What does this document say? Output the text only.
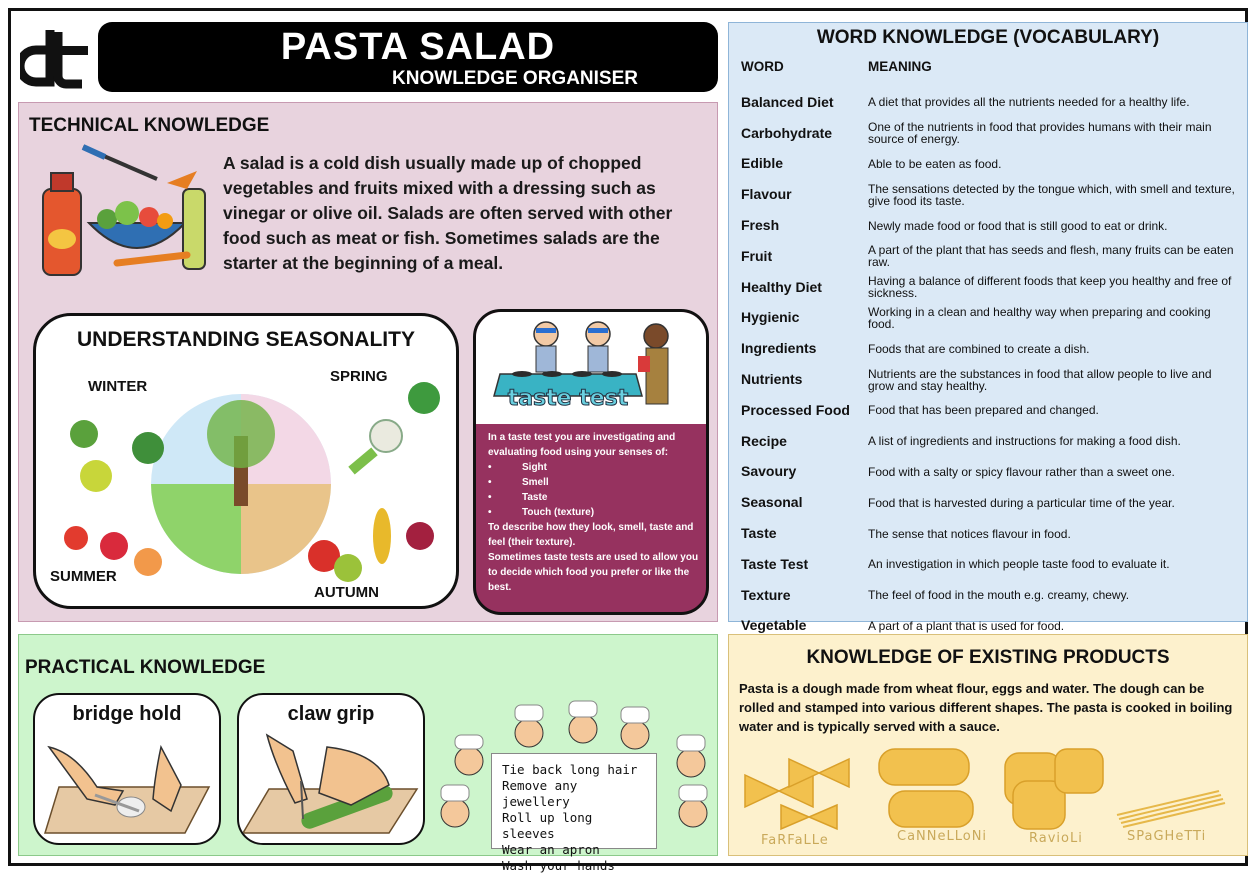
PASTA SALAD
KNOWLEDGE ORGANISER
TECHNICAL KNOWLEDGE
A salad is a cold dish usually made up of chopped vegetables and fruits mixed with a dressing such as vinegar or olive oil. Salads are often served with other food such as meat or fish. Sometimes salads are the starter at the beginning of a meal.
UNDERSTANDING SEASONALITY
WINTER
SPRING
SUMMER
AUTUMN
taste test
In a taste test you are investigating and evaluating food using your senses of:
• Sight
• Smell
• Taste
• Touch (texture)
To describe how they look, smell, taste and feel (their texture).
Sometimes taste tests are used to allow you to decide which food you prefer or like the best.
WORD KNOWLEDGE (VOCABULARY)
WORD	MEANING
Balanced Diet	A diet that provides all the nutrients needed for a healthy life.
Carbohydrate	One of the nutrients in food that provides humans with their main source of energy.
Edible	Able to be eaten as food.
Flavour	The sensations detected by the tongue which, with smell and texture, give food its taste.
Fresh	Newly made food or food that is still good to eat or drink.
Fruit	A part of the plant that has seeds and flesh, many fruits can be eaten raw.
Healthy Diet	Having a balance of different foods that keep you healthy and free of sickness.
Hygienic	Working in a clean and healthy way when preparing and cooking food.
Ingredients	Foods that are combined to create a dish.
Nutrients	Nutrients are the substances in food that allow people to live and grow and stay healthy.
Processed Food	Food that has been prepared and changed.
Recipe	A list of ingredients and instructions for making a food dish.
Savoury	Food with a salty or spicy flavour rather than a sweet one.
Seasonal	Food that is harvested during a particular time of the year.
Taste	The sense that notices flavour in food.
Taste Test	An investigation in which people taste food to evaluate it.
Texture	The feel of food in the mouth e.g. creamy, chewy.
Vegetable	A part of a plant that is used for food.
PRACTICAL KNOWLEDGE
bridge hold	claw grip
Tie back long hair
Remove any jewellery
Roll up long sleeves
Wear an apron
Wash your hands
KNOWLEDGE OF EXISTING PRODUCTS
Pasta is a dough made from wheat flour, eggs and water. The dough can be rolled and stamped into various different shapes. The pasta is cooked in boiling water and is typically served with a sauce.
FaRFaLLe	CaNNeLLoNi	RavioLi	SPaGHeTTi
